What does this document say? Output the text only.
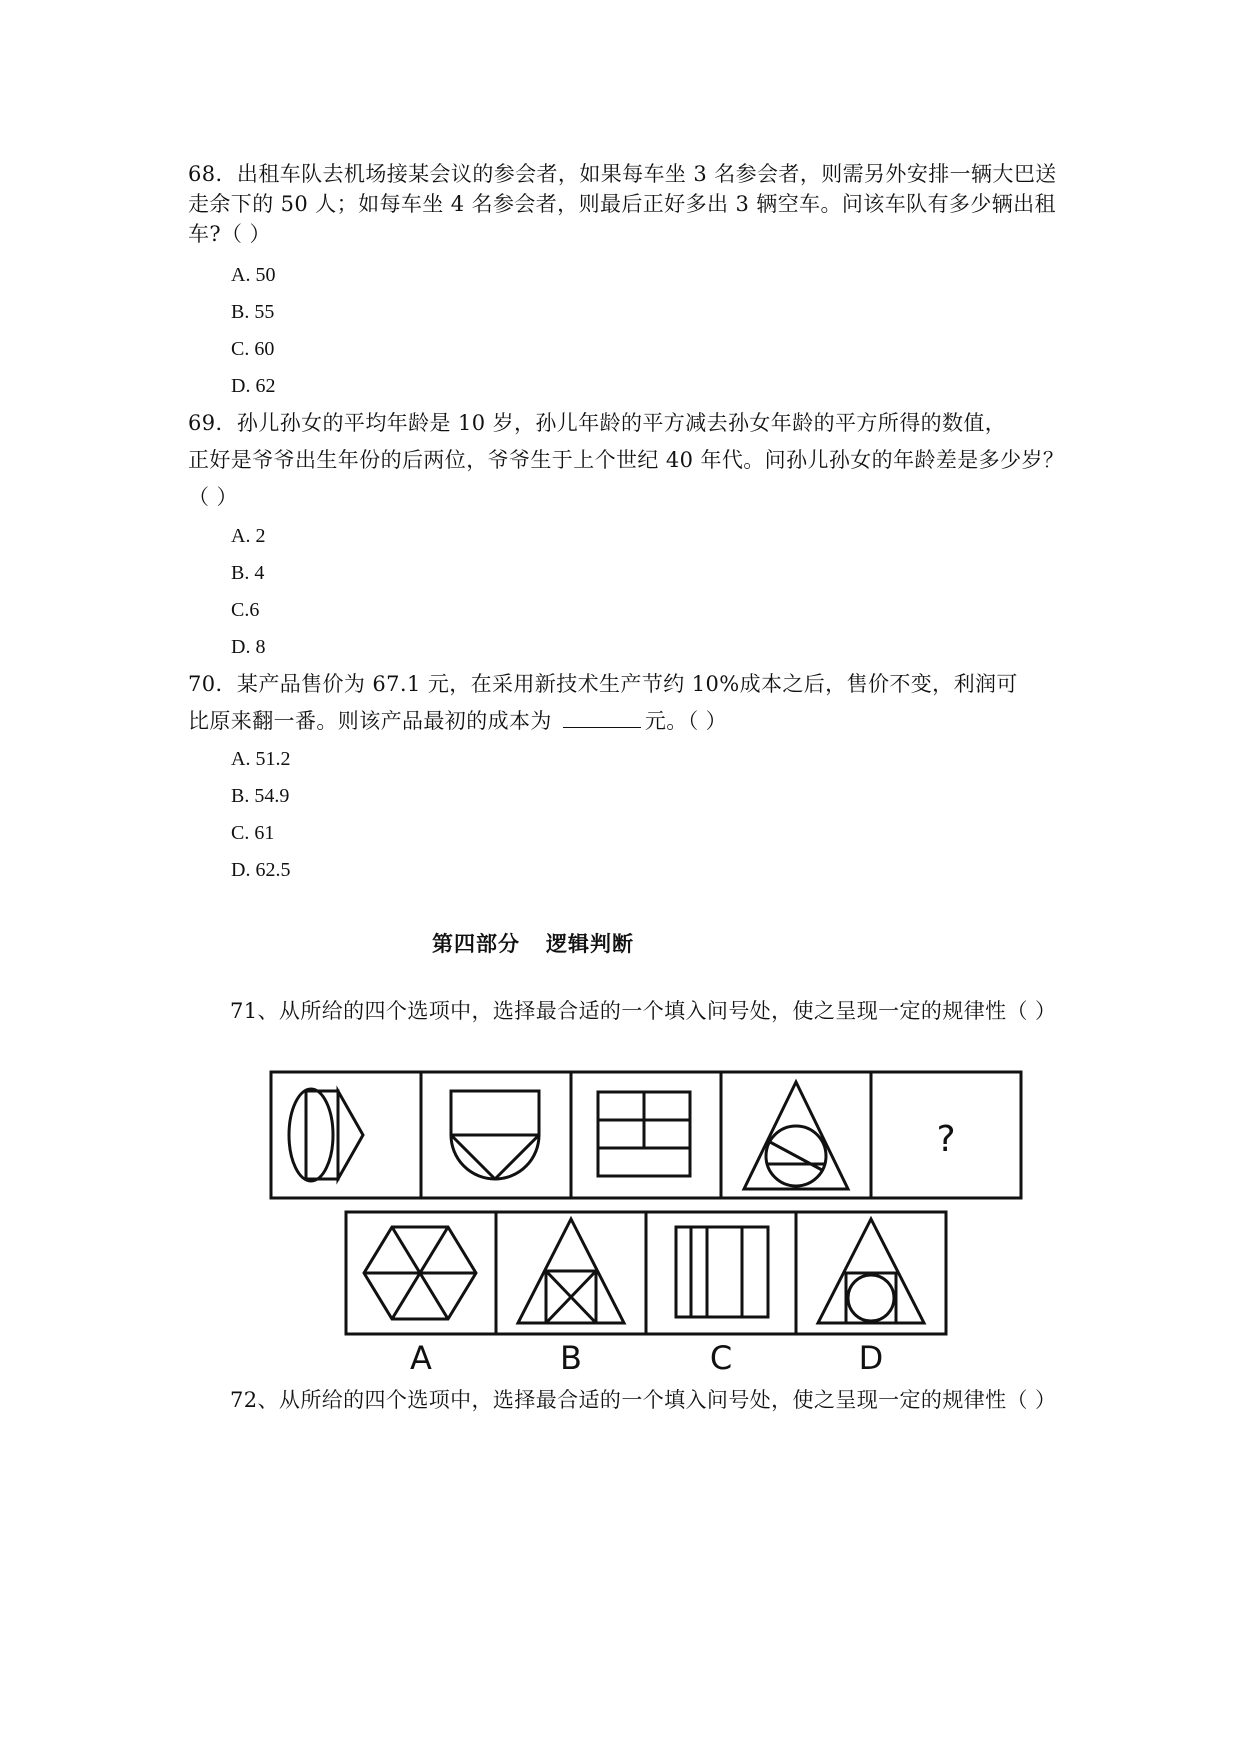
68．出租车队去机场接某会议的参会者，如果每车坐 3 名参会者，则需另外安排一辆大巴送
走余下的 50 人；如每车坐 4 名参会者，则最后正好多出 3 辆空车。问该车队有多少辆出租
车?（ ）
A. 50
B. 55
C. 60
D. 62
69．孙儿孙女的平均年龄是 10 岁，孙儿年龄的平方减去孙女年龄的平方所得的数值，
正好是爷爷出生年份的后两位，爷爷生于上个世纪 40 年代。问孙儿孙女的年龄差是多少岁？
（ ）
A. 2
B. 4
C.6
D. 8
70．某产品售价为 67.1 元，在采用新技术生产节约 10%成本之后，售价不变，利润可
比原来翻一番。则该产品最初的成本为	元。（ ）
A. 51.2
B. 54.9
C. 61
D. 62.5
第四部分 逻辑判断
71、从所给的四个选项中，选择最合适的一个填入问号处，使之呈现一定的规律性（ ）
?
A	B	C	D
72、从所给的四个选项中，选择最合适的一个填入问号处，使之呈现一定的规律性（ ）
